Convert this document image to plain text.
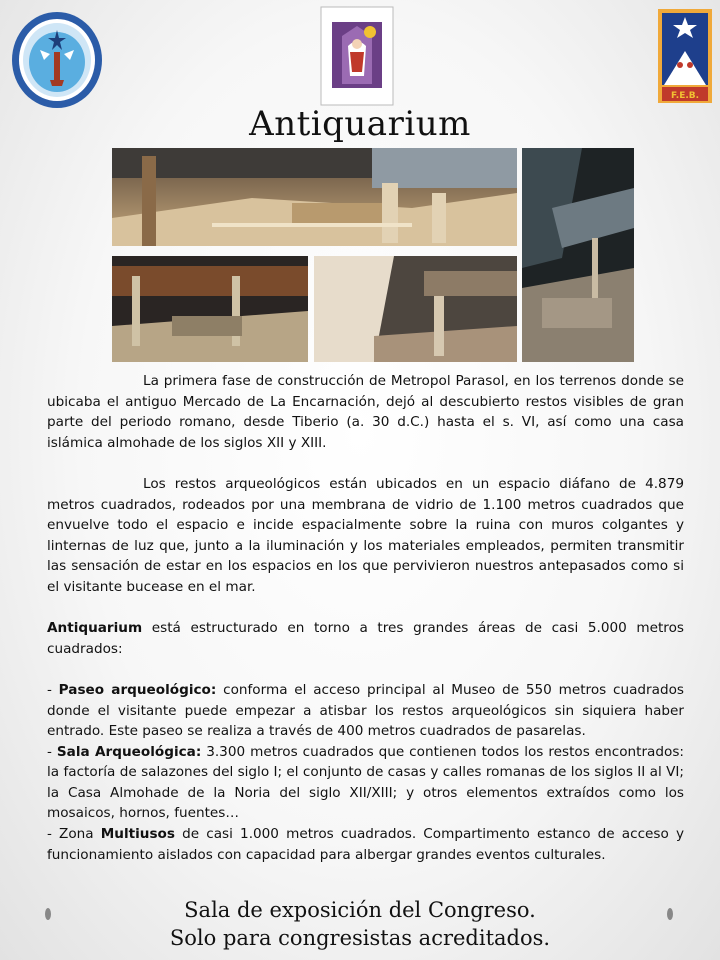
F.E.B.
Antiquarium

La primera fase de construcción de Metropol Parasol, en los terrenos donde se ubicaba el antiguo Mercado de La Encarnación, dejó al descubierto restos visibles de gran parte del periodo romano, desde Tiberio (a. 30 d.C.) hasta el s. VI, así como una casa islámica almohade de los siglos XII y XIII.

Los restos arqueológicos están ubicados en un espacio diáfano de 4.879 metros cuadrados, rodeados por una membrana de vidrio de 1.100 metros cuadrados que envuelve todo el espacio e incide espacialmente sobre la ruina con muros colgantes y linternas de luz que, junto a la iluminación y los materiales empleados, permiten transmitir las sensación de estar en los espacios en los que pervivieron nuestros antepasados como si el visitante bucease en el mar.

Antiquarium está estructurado en torno a tres grandes áreas de casi 5.000 metros cuadrados:

- Paseo arqueológico: conforma el acceso principal al Museo de 550 metros cuadrados donde el visitante puede empezar a atisbar los restos arqueológicos sin siquiera haber entrado. Este paseo se realiza a través de 400 metros cuadrados de pasarelas.

- Sala Arqueológica: 3.300 metros cuadrados que contienen todos los restos encontrados: la factoría de salazones del siglo I; el conjunto de casas y calles romanas de los siglos II al VI; la Casa Almohade de la Noria del siglo XII/XIII; y otros elementos extraídos como los mosaicos, hornos, fuentes…

- Zona Multiusos de casi 1.000 metros cuadrados. Compartimento estanco de acceso y funcionamiento aislados con capacidad para albergar grandes eventos culturales.

Sala de exposición del Congreso.
Solo para congresistas acreditados.
